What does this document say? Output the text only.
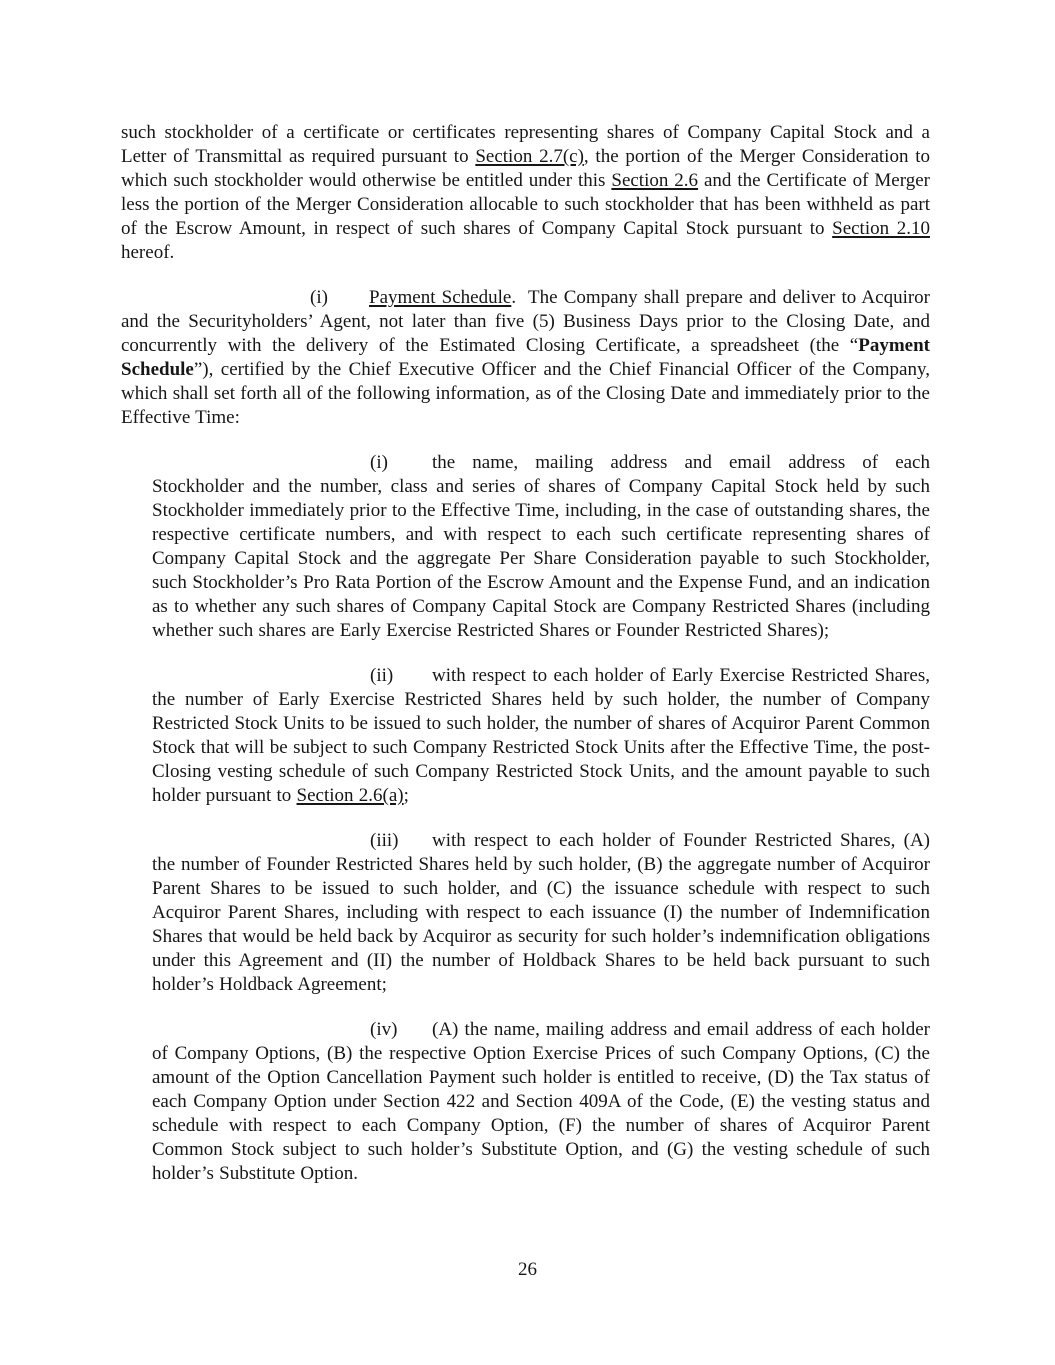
such stockholder of a certificate or certificates representing shares of Company Capital Stock and a Letter of Transmittal as required pursuant to Section 2.7(c), the portion of the Merger Consideration to which such stockholder would otherwise be entitled under this Section 2.6 and the Certificate of Merger less the portion of the Merger Consideration allocable to such stockholder that has been withheld as part of the Escrow Amount, in respect of such shares of Company Capital Stock pursuant to Section 2.10 hereof.

(i) Payment Schedule.  The Company shall prepare and deliver to Acquiror and the Securityholders’ Agent, not later than five (5) Business Days prior to the Closing Date, and concurrently with the delivery of the Estimated Closing Certificate, a spreadsheet (the “Payment Schedule”), certified by the Chief Executive Officer and the Chief Financial Officer of the Company, which shall set forth all of the following information, as of the Closing Date and immediately prior to the Effective Time:

(i) the name, mailing address and email address of each Stockholder and the number, class and series of shares of Company Capital Stock held by such Stockholder immediately prior to the Effective Time, including, in the case of outstanding shares, the respective certificate numbers, and with respect to each such certificate representing shares of Company Capital Stock and the aggregate Per Share Consideration payable to such Stockholder, such Stockholder’s Pro Rata Portion of the Escrow Amount and the Expense Fund, and an indication as to whether any such shares of Company Capital Stock are Company Restricted Shares (including whether such shares are Early Exercise Restricted Shares or Founder Restricted Shares);

(ii) with respect to each holder of Early Exercise Restricted Shares, the number of Early Exercise Restricted Shares held by such holder, the number of Company Restricted Stock Units to be issued to such holder, the number of shares of Acquiror Parent Common Stock that will be subject to such Company Restricted Stock Units after the Effective Time, the post-Closing vesting schedule of such Company Restricted Stock Units, and the amount payable to such holder pursuant to Section 2.6(a);

(iii) with respect to each holder of Founder Restricted Shares, (A) the number of Founder Restricted Shares held by such holder, (B) the aggregate number of Acquiror Parent Shares to be issued to such holder, and (C) the issuance schedule with respect to such Acquiror Parent Shares, including with respect to each issuance (I) the number of Indemnification Shares that would be held back by Acquiror as security for such holder’s indemnification obligations under this Agreement and (II) the number of Holdback Shares to be held back pursuant to such holder’s Holdback Agreement;

(iv) (A) the name, mailing address and email address of each holder of Company Options, (B) the respective Option Exercise Prices of such Company Options, (C) the amount of the Option Cancellation Payment such holder is entitled to receive, (D) the Tax status of each Company Option under Section 422 and Section 409A of the Code, (E) the vesting status and schedule with respect to each Company Option, (F) the number of shares of Acquiror Parent Common Stock subject to such holder’s Substitute Option, and (G) the vesting schedule of such holder’s Substitute Option.

26
